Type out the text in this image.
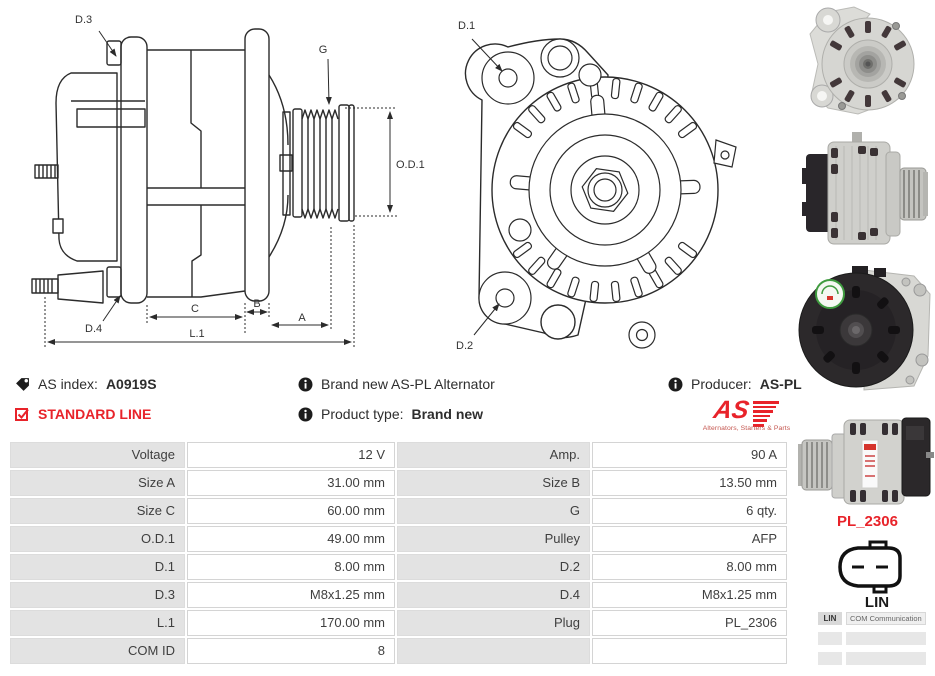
D.3
G
O.D.1
D.4
C	B
A
L.1
D.1
D.2
AS index: A0919S
STANDARD LINE
Brand new AS-PL Alternator
Product type: Brand new
Producer: AS-PL
AS
Alternators, Starters & Parts
Voltage	12 V	Amp.	90 A
Size A	31.00 mm	Size B	13.50 mm
Size C	60.00 mm	G	6 qty.
O.D.1	49.00 mm	Pulley	AFP
D.1	8.00 mm	D.2	8.00 mm
D.3	M8x1.25 mm	D.4	M8x1.25 mm
L.1	170.00 mm	Plug	PL_2306
COM ID	8
PL_2306
LIN
LIN	COM Communication
